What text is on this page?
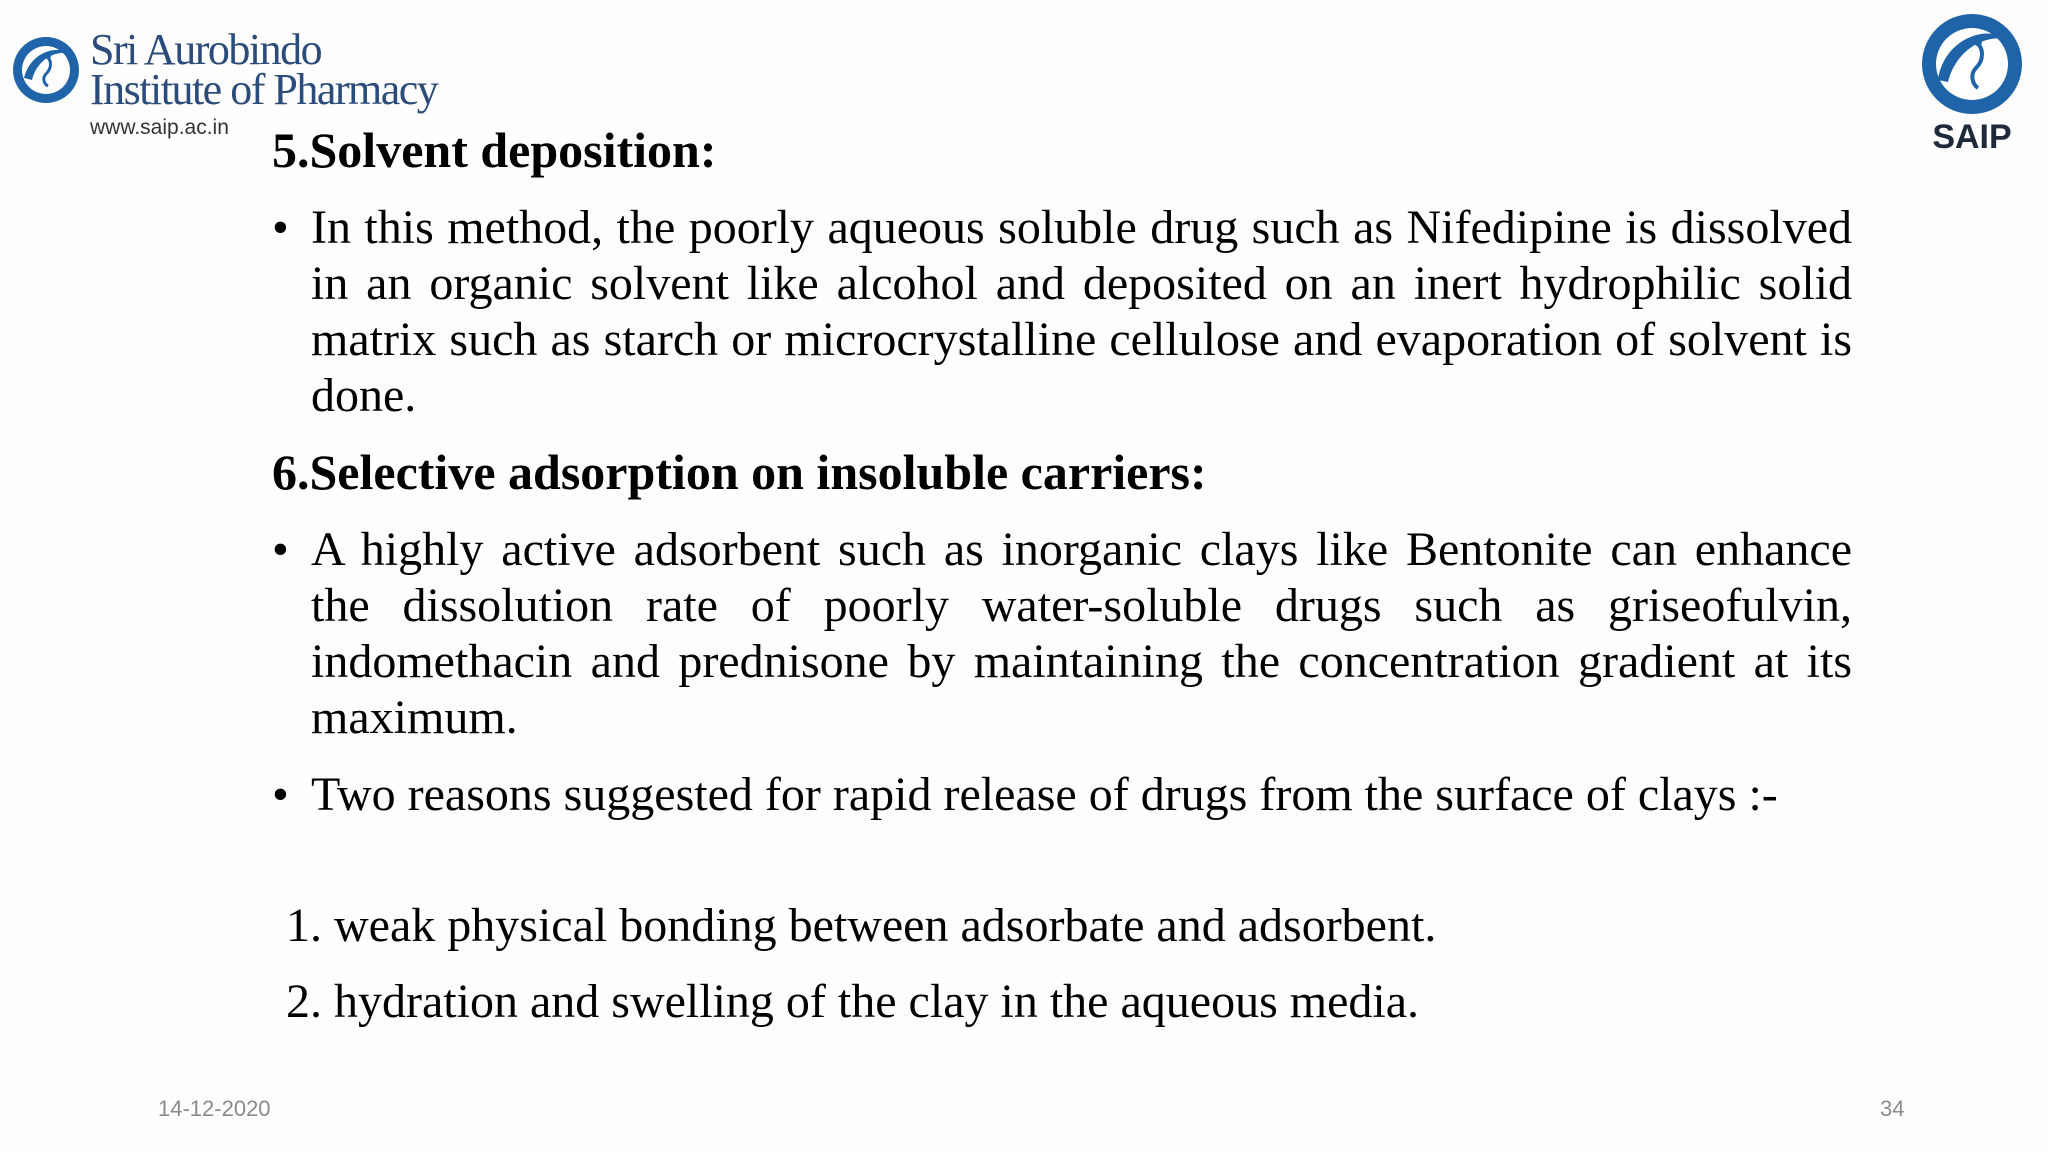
Sri Aurobindo
Institute of Pharmacy
www.saip.ac.in	SAIP
5.Solvent deposition:
• In this method, the poorly aqueous soluble drug such as Nifedipine is dissolved in an organic solvent like alcohol and deposited on an inert hydrophilic solid matrix such as starch or microcrystalline cellulose and evaporation of solvent is done.
6.Selective adsorption on insoluble carriers:
• A highly active adsorbent such as inorganic clays like Bentonite can enhance the dissolution rate of poorly water-soluble drugs such as griseofulvin, indomethacin and prednisone by maintaining the concentration gradient at its maximum.
• Two reasons suggested for rapid release of drugs from the surface of clays :-
1. weak physical bonding between adsorbate and adsorbent.
2. hydration and swelling of the clay in the aqueous media.
14-12-2020	34
